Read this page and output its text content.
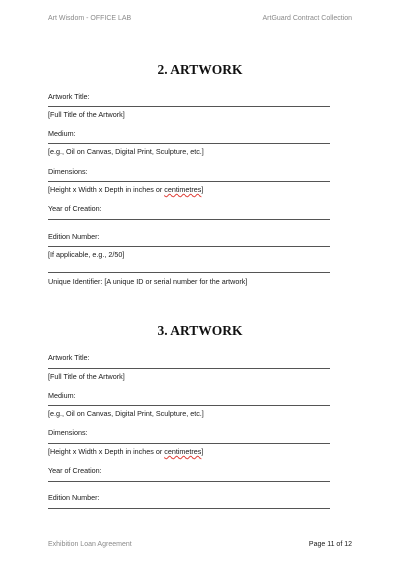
Art Wisdom - OFFICE LAB	ArtGuard Contract Collection
2. ARTWORK
Artwork Title:
[Full Title of the Artwork]
Medium:
[e.g., Oil on Canvas, Digital Print, Sculpture, etc.]
Dimensions:
[Height x Width x Depth in inches or centimetres]
Year of Creation:
Edition Number:
[If applicable, e.g., 2/50]
Unique Identifier: [A unique ID or serial number for the artwork]
3. ARTWORK
Artwork Title:
[Full Title of the Artwork]
Medium:
[e.g., Oil on Canvas, Digital Print, Sculpture, etc.]
Dimensions:
[Height x Width x Depth in inches or centimetres]
Year of Creation:
Edition Number:
Exhibition Loan Agreement	Page 11 of 12
